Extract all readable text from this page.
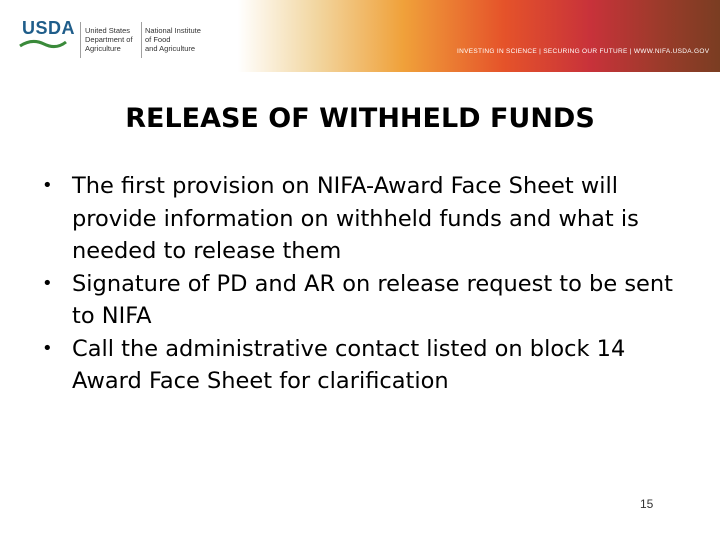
USDA United States
Department of
Agriculture
National Institute
of Food
and Agriculture	INVESTING IN SCIENCE | SECURING OUR FUTURE | WWW.NIFA.USDA.GOV
RELEASE OF WITHHELD FUNDS
• The first provision on NIFA-Award Face Sheet will provide information on withheld funds and what is needed to release them
• Signature of PD and AR on release request to be sent to NIFA
• Call the administrative contact listed on block 14 Award Face Sheet for clarification
15
